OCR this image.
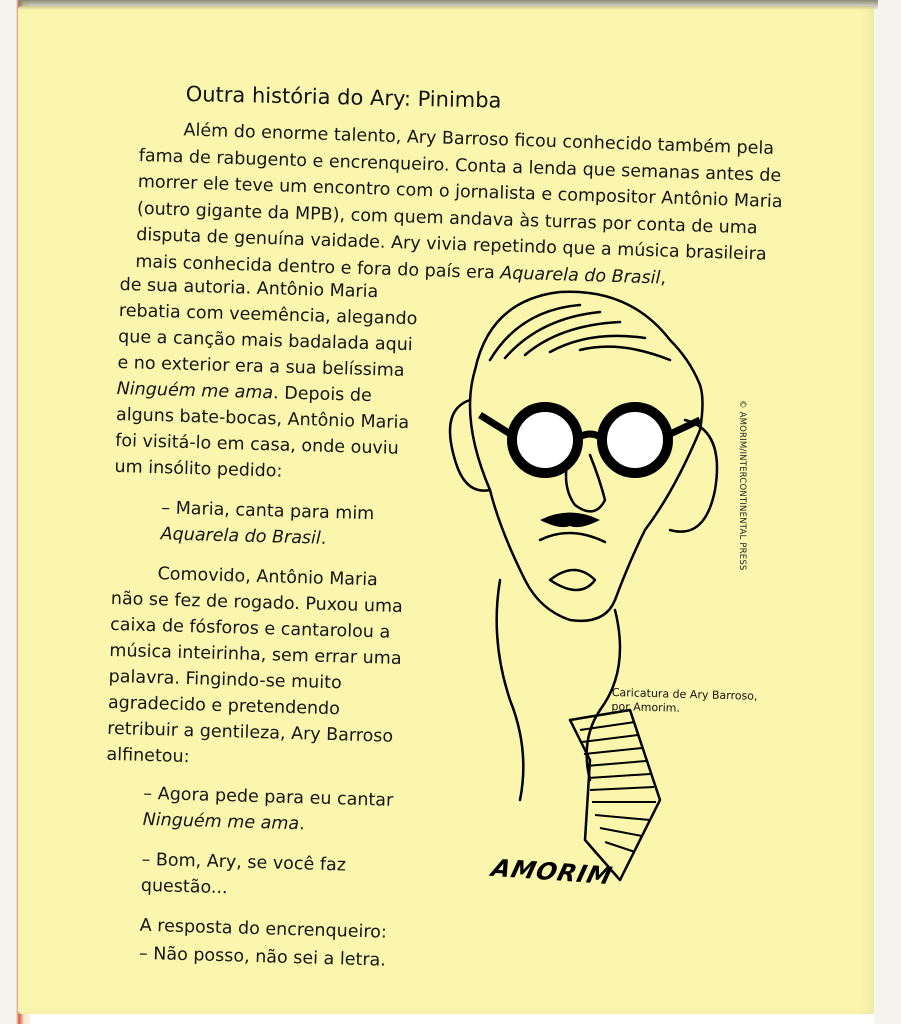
Outra história do Ary: Pinimba

Além do enorme talento, Ary Barroso ficou conhecido também pela fama de rabugento e encrenqueiro. Conta a lenda que semanas antes de morrer ele teve um encontro com o jornalista e compositor Antônio Maria (outro gigante da MPB), com quem andava às turras por conta de uma disputa de genuína vaidade. Ary vivia repetindo que a música brasileira mais conhecida dentro e fora do país era Aquarela do Brasil,

de sua autoria. Antônio Maria rebatia com veemência, alegando que a canção mais badalada aqui e no exterior era a sua belíssima Ninguém me ama. Depois de alguns bate-bocas, Antônio Maria foi visitá-lo em casa, onde ouviu um insólito pedido:

– Maria, canta para mim
Aquarela do Brasil.

Comovido, Antônio Maria não se fez de rogado. Puxou uma caixa de fósforos e cantarolou a música inteirinha, sem errar uma palavra. Fingindo-se muito agradecido e pretendendo retribuir a gentileza, Ary Barroso alfinetou:

– Agora pede para eu cantar
Ninguém me ama.

– Bom, Ary, se você faz questão...

A resposta do encrenqueiro:

– Não posso, não sei a letra.

AMORIM
Caricatura de Ary Barroso,
por Amorim.
© AMORIM/INTERCONTINENTAL PRESS
